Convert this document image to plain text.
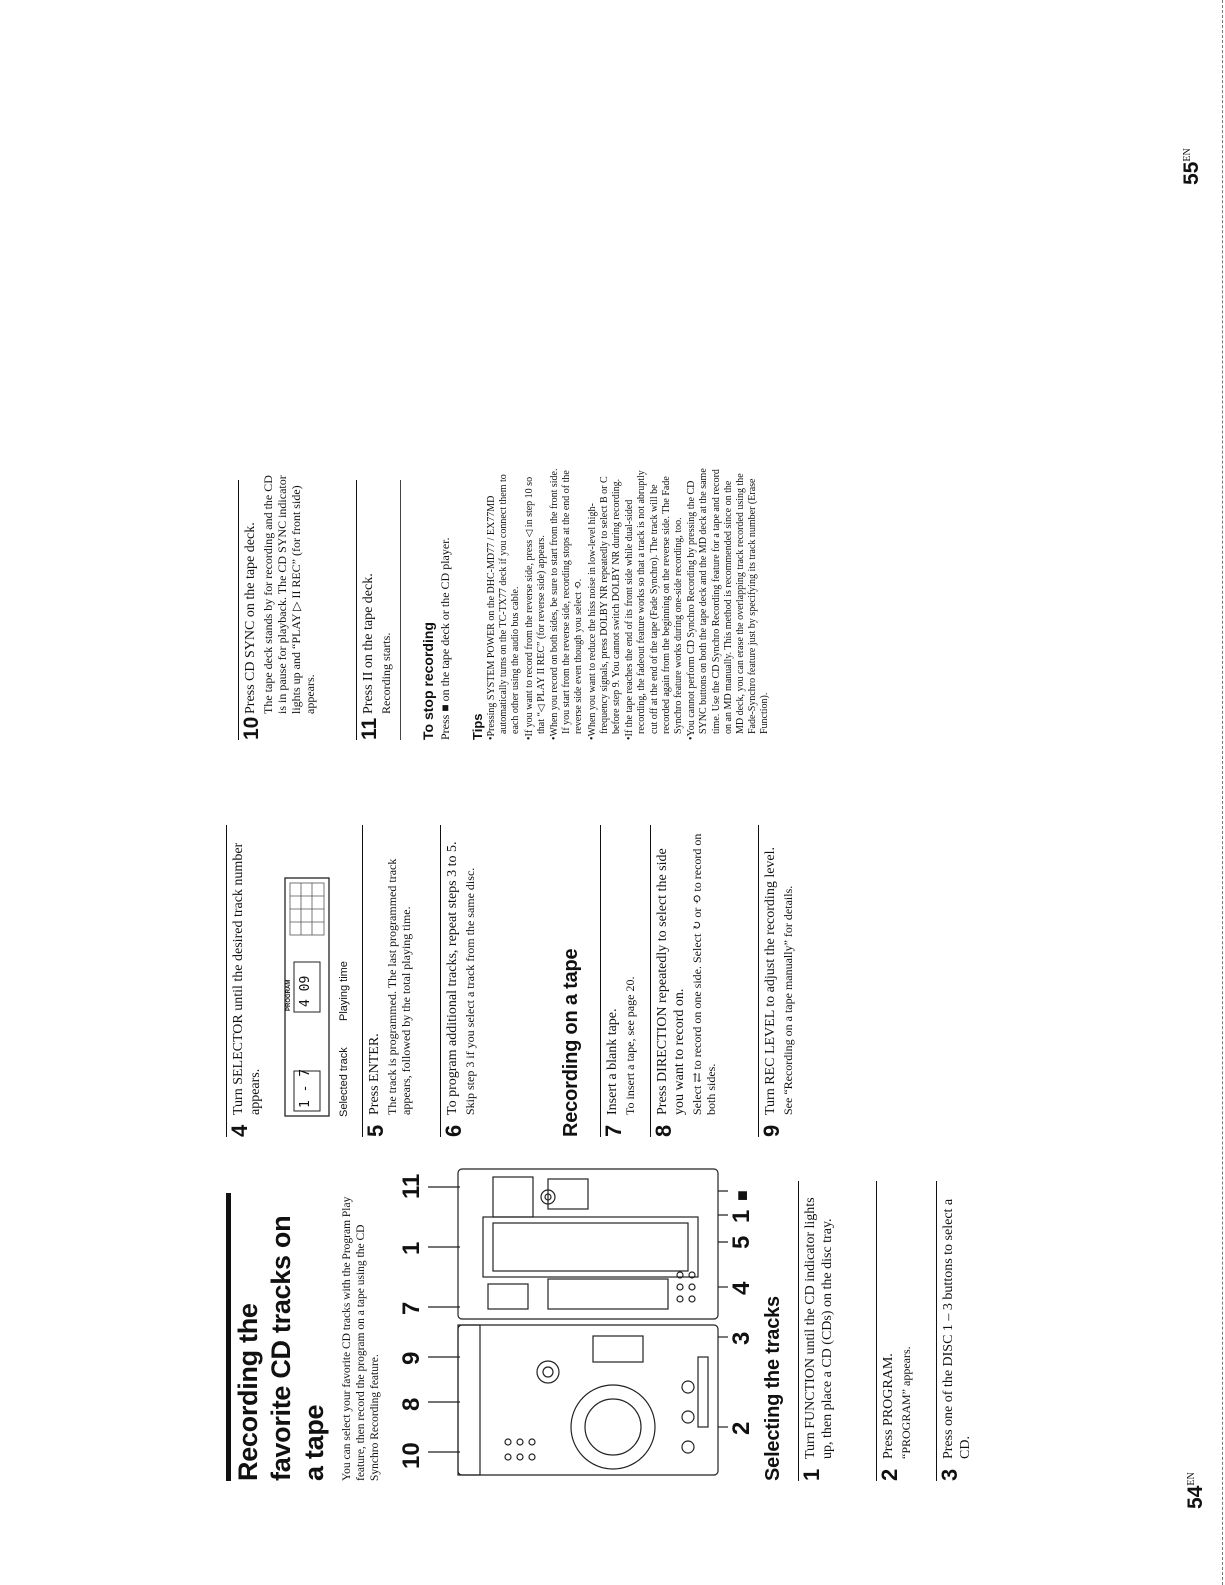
$54^{EN}$
Recording the favorite CD tracks on a tape You can select your favorite CD tracks with the Program Play feature, then record the program on a tape using the CD Synchro Recording feature. 10
8
9
7
1
11
2
3
4
5
1
■
Selecting the tracks 1
Turn FUNCTION until the CD indicator lights up, then place a CD (CDs) on the disc tray.
2
Press PROGRAM. “PROGRAM” appears.
3
Press one of the DISC 1 – 3 buttons to select a CD.
4
Turn SELECTOR until the desired track number appears.	1 - 7
PROGRAM 4 09
Selected track
Playing time
5
Press ENTER. The track is programmed. The last programmed track appears, followed by the total playing time.
6
To program additional tracks, repeat steps 3 to 5. Skip step 3 if you select a track from the same disc.	Recording on a tape 7
Insert a blank tape. To insert a tape, see page 20.
8
Press DIRECTION repeatedly to select the side you want to record on. Select ⇄ to record on one side. Select ↻ or ⟲ to record on both sides.
9
Turn REC LEVEL to adjust the recording level. See “Recording on a tape manually” for details.
10
Press CD SYNC on the tape deck. The tape deck stands by for recording and the CD is in pause for playback. The CD SYNC indicator lights up and “PLAY ▷ II REC” (for front side) appears.
11
Press II on the tape deck. Recording starts. To stop recording Press ■ on the tape deck or the CD player. Tips •Pressing SYSTEM POWER on the DHC-MD77 / EX77MD automatically turns on the TC-TX77 deck if you connect them to each other using the audio bus cable. •If you want to record from the reverse side, press ◁ in step 10 so that “◁ PLAY II REC” (for reverse side) appears. •When you record on both sides, be sure to start from the front side. If you start from the reverse side, recording stops at the end of the reverse side even though you select ⟲. •When you want to reduce the hiss noise in low-level high-frequency signals, press DOLBY NR repeatedly to select B or C before step 9. You cannot switch DOLBY NR during recording. •If the tape reaches the end of its front side while dual-sided recording, the fadeout feature works so that a track is not abruptly cut off at the end of the tape (Fade Synchro). The track will be recorded again from the beginning on the reverse side. The Fade Synchro feature works during one-side recording, too. •You cannot perform CD Synchro Recording by pressing the CD SYNC buttons on both the tape deck and the MD deck at the same time. Use the CD Synchro Recording feature for a tape and record on an MD manually. This method is recommended since on the MD deck, you can erase the overlapping track recorded using the Fade-Synchro feature just by specifying its track number (Erase Function).

$55^{EN}$
